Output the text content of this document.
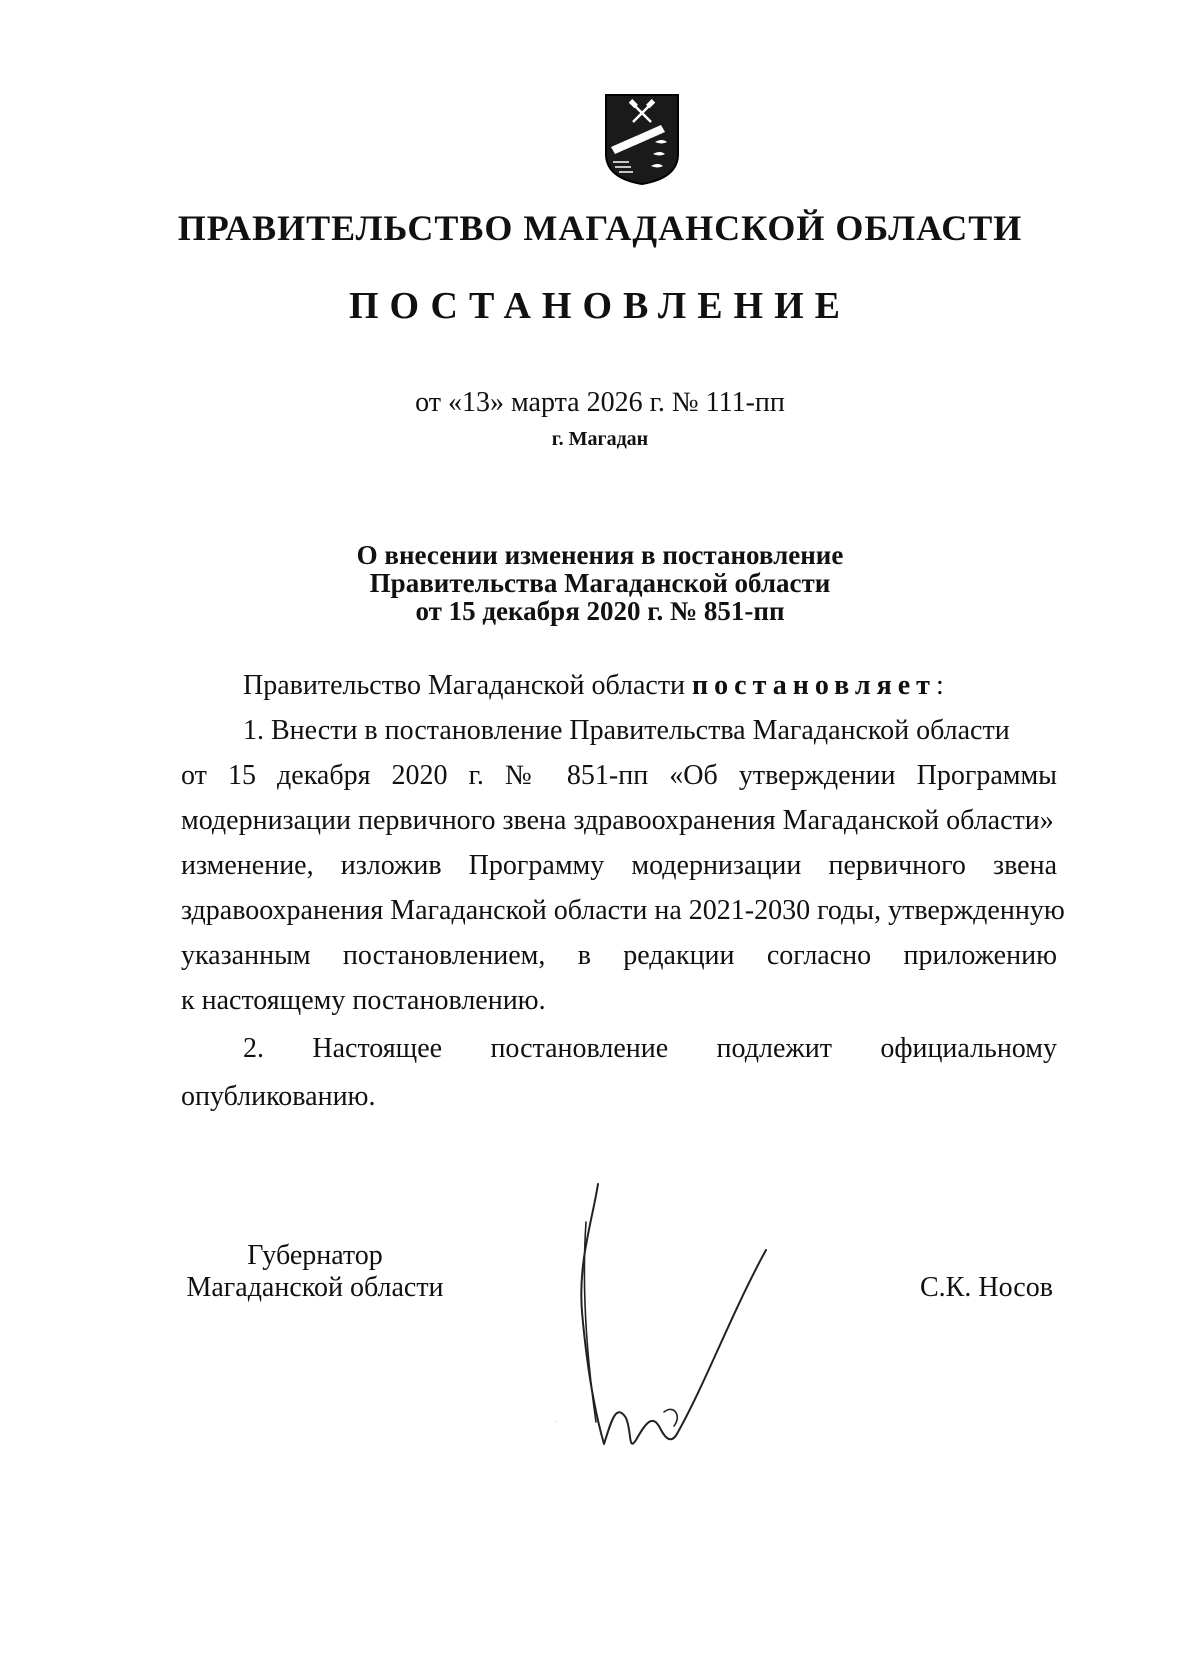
ПРАВИТЕЛЬСТВО МАГАДАНСКОЙ ОБЛАСТИ
ПОСТАНОВЛЕНИЕ
от «13» марта 2026 г. № 111-пп
г. Магадан
О внесении изменения в постановление
Правительства Магаданской области
от 15 декабря 2020 г. № 851-пп
Правительство Магаданской области постановляет:
1. Внести в постановление Правительства Магаданской области
от 15 декабря 2020 г. № 851-пп «Об утверждении Программы
модернизации первичного звена здравоохранения Магаданской области»
изменение, изложив Программу модернизации первичного звена
здравоохранения Магаданской области на 2021-2030 годы, утвержденную
указанным постановлением, в редакции согласно приложению
к настоящему постановлению.
2. Настоящее постановление подлежит официальному
опубликованию.
Губернатор
Магаданской области	С.К. Носов
